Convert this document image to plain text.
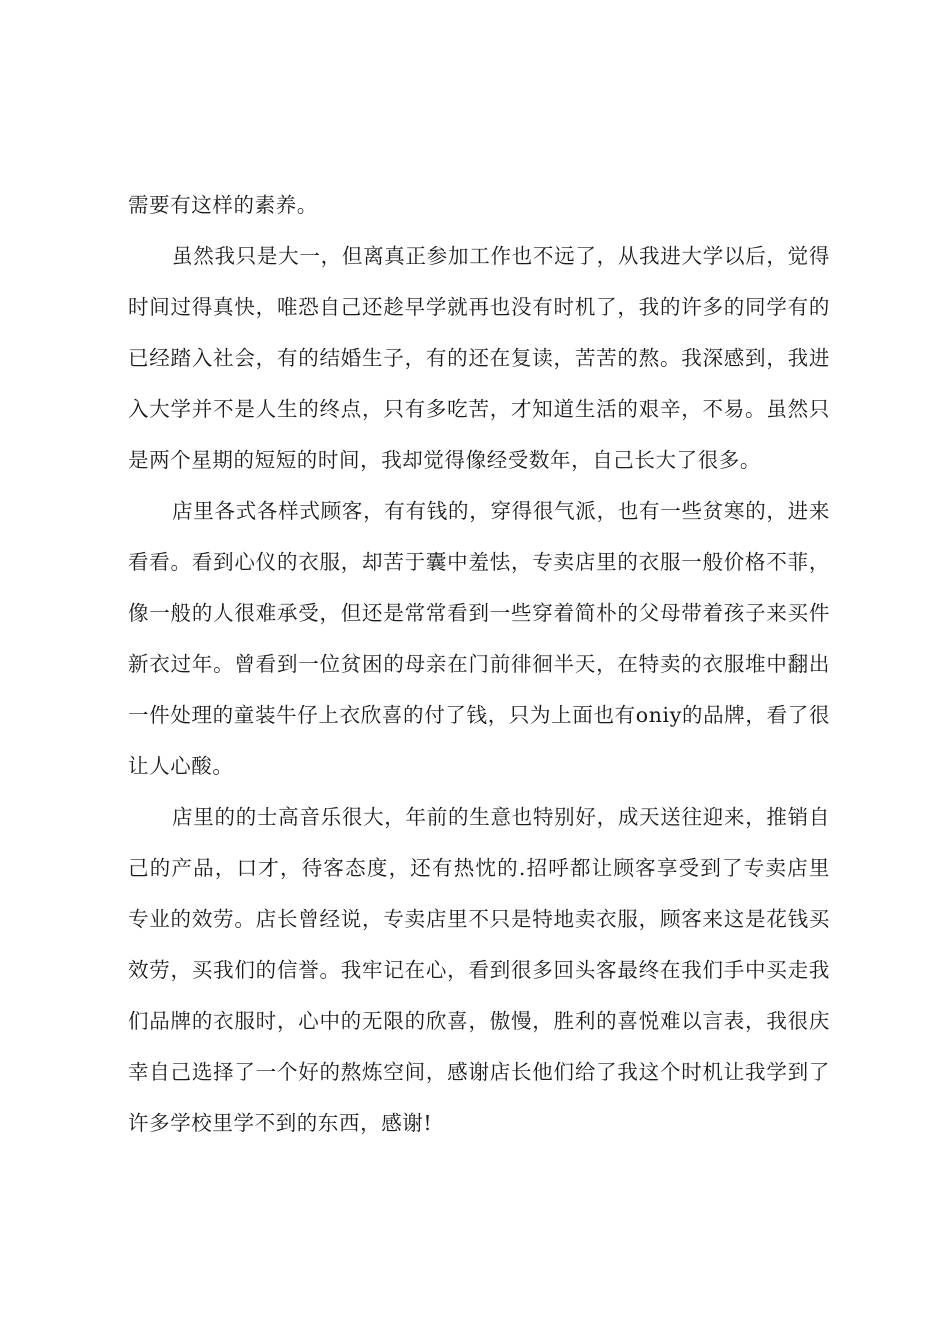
需要有这样的素养。

虽然我只是大一，但离真正参加工作也不远了，从我进大学以后，觉得时间过得真快，唯恐自己还趁早学就再也没有时机了，我的许多的同学有的已经踏入社会，有的结婚生子，有的还在复读，苦苦的熬。我深感到，我进入大学并不是人生的终点，只有多吃苦，才知道生活的艰辛，不易。虽然只是两个星期的短短的时间，我却觉得像经受数年，自己长大了很多。

店里各式各样式顾客，有有钱的，穿得很气派，也有一些贫寒的，进来看看。看到心仪的衣服，却苦于囊中羞怯，专卖店里的衣服一般价格不菲，像一般的人很难承受，但还是常常看到一些穿着简朴的父母带着孩子来买件新衣过年。曾看到一位贫困的母亲在门前徘徊半天，在特卖的衣服堆中翻出一件处理的童装牛仔上衣欣喜的付了钱，只为上面也有oniy的品牌，看了很让人心酸。

店里的的士高音乐很大，年前的生意也特别好，成天送往迎来，推销自己的产品，口才，待客态度，还有热忱的.招呼都让顾客享受到了专卖店里专业的效劳。店长曾经说，专卖店里不只是特地卖衣服，顾客来这是花钱买效劳，买我们的信誉。我牢记在心，看到很多回头客最终在我们手中买走我们品牌的衣服时，心中的无限的欣喜，傲慢，胜利的喜悦难以言表，我很庆幸自己选择了一个好的熬炼空间，感谢店长他们给了我这个时机让我学到了许多学校里学不到的东西，感谢!
